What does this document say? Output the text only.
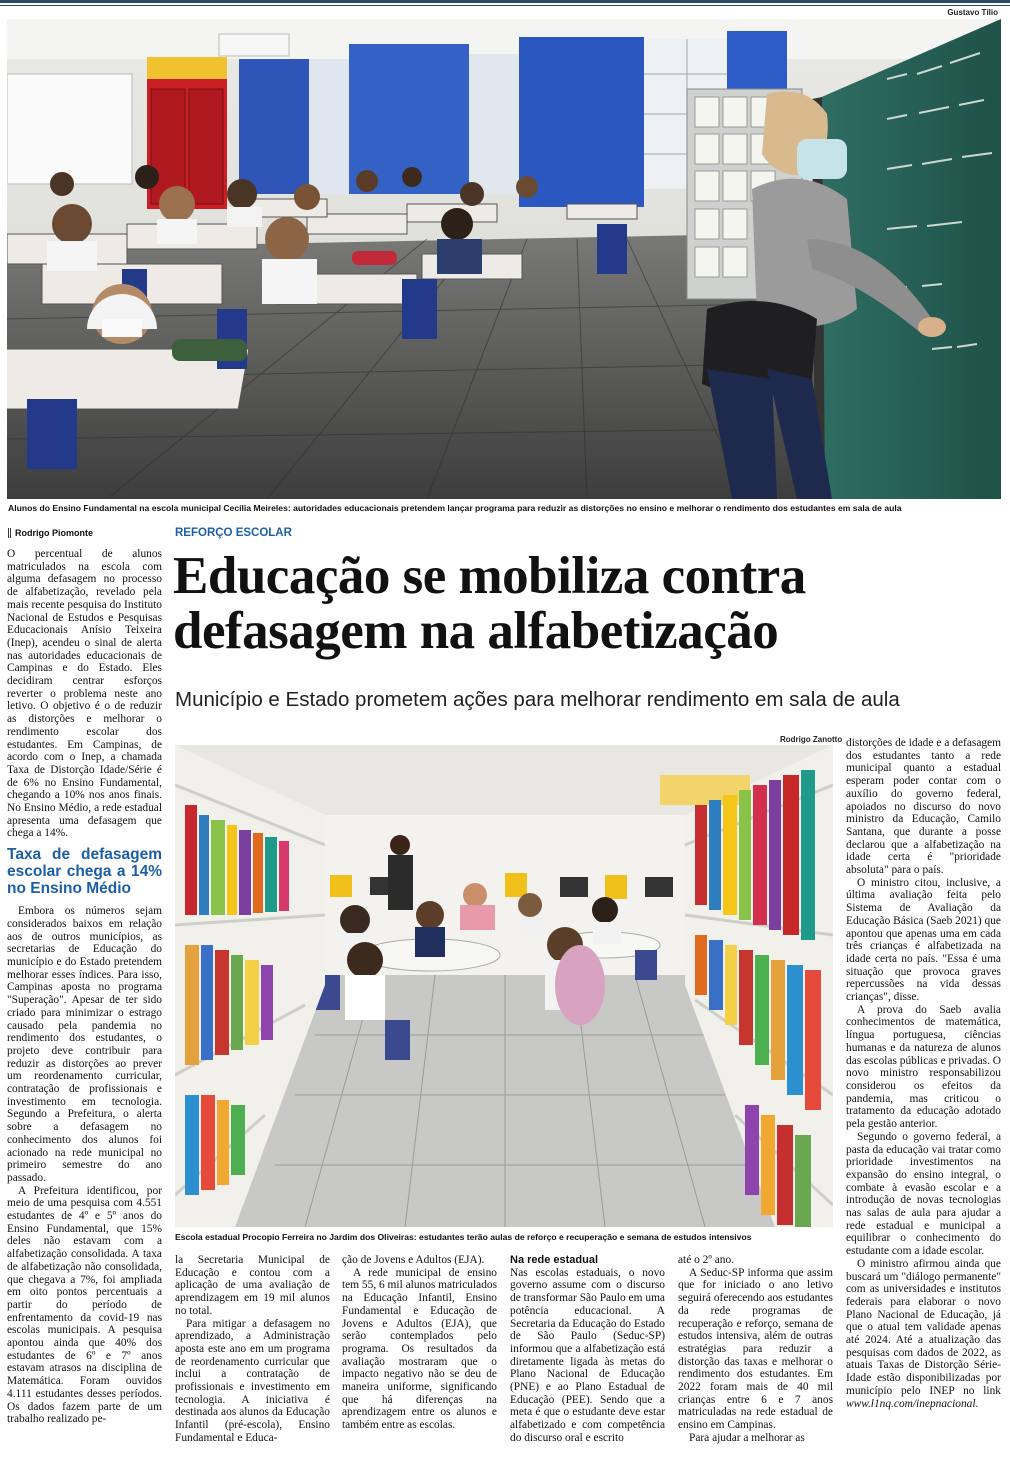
Gustavo Tílio
Alunos do Ensino Fundamental na escola municipal Cecília Meireles: autoridades educacionais pretendem lançar programa para reduzir as distorções no ensino e melhorar o rendimento dos estudantes em sala de aula
Rodrigo Piomonte	REFORÇO ESCOLAR
Educação se mobiliza contra
defasagem na alfabetização
Município e Estado prometem ações para melhorar rendimento em sala de aula

O percentual de alunos matriculados na escola com alguma defasagem no processo de alfabetização, revelado pela mais recente pesquisa do Instituto Nacional de Estudos e Pesquisas Educacionais Anísio Teixeira (Inep), acendeu o sinal de alerta nas autoridades educacionais de Campinas e do Estado. Eles decidiram centrar esforços reverter o problema neste ano letivo. O objetivo é o de reduzir as distorções e melhorar o rendimento escolar dos estudantes. Em Campinas, de acordo com o Inep, a chamada Taxa de Distorção Idade/Série é de 6% no Ensino Fundamental, chegando a 10% nos anos finais. No Ensino Médio, a rede estadual apresenta uma defasagem que chega a 14%.

Taxa de defasagem escolar chega a 14% no Ensino Médio

Embora os números sejam considerados baixos em relação aos de outros municípios, as secretarias de Educação do município e do Estado pretendem melhorar esses índices. Para isso, Campinas aposta no programa "Superação". Apesar de ter sido criado para minimizar o estrago causado pela pandemia no rendimento dos estudantes, o projeto deve contribuir para reduzir as distorções ao prever um reordenamento curricular, contratação de profissionais e investimento em tecnologia. Segundo a Prefeitura, o alerta sobre a defasagem no conhecimento dos alunos foi acionado na rede municipal no primeiro semestre do ano passado.

A Prefeitura identificou, por meio de uma pesquisa com 4.551 estudantes de 4º e 5º anos do Ensino Fundamental, que 15% deles não estavam com a alfabetização consolidada. A taxa de alfabetização não consolidada, que chegava a 7%, foi ampliada em oito pontos percentuais a partir do período de enfrentamento da covid-19 nas escolas municipais. A pesquisa apontou ainda que 40% dos estudantes de 6º e 7º anos estavam atrasos na disciplina de Matemática. Foram ouvidos 4.111 estudantes desses períodos. Os dados fazem parte de um trabalho realizado pe-

Rodrigo Zanotto
Escola estadual Procopio Ferreira no Jardim dos Oliveiras: estudantes terão aulas de reforço e recuperação e semana de estudos intensivos

la Secretaria Municipal de Educação e contou com a aplicação de uma avaliação de aprendizagem em 19 mil alunos no total.

Para mitigar a defasagem no aprendizado, a Administração aposta este ano em um programa de reordenamento curricular que inclui a contratação de profissionais e investimento em tecnologia. A iniciativa é destinada aos alunos da Educação Infantil (pré-escola), Ensino Fundamental e Educa-

ção de Jovens e Adultos (EJA).

A rede municipal de ensino tem 55, 6 mil alunos matriculados na Educação Infantil, Ensino Fundamental e Educação de Jovens e Adultos (EJA), que serão contemplados pelo programa. Os resultados da avaliação mostraram que o impacto negativo não se deu de maneira uniforme, significando que há diferenças na aprendizagem entre os alunos e também entre as escolas.

Na rede estadual

Nas escolas estaduais, o novo governo assume com o discurso de transformar São Paulo em uma potência educacional. A Secretaria da Educação do Estado de São Paulo (Seduc-SP) informou que a alfabetização está diretamente ligada às metas do Plano Nacional de Educação (PNE) e ao Plano Estadual de Educação (PEE). Sendo que a meta é que o estudante deve estar alfabetizado e com competência do discurso oral e escrito

até o 2º ano.

A Seduc-SP informa que assim que for iniciado o ano letivo seguirá oferecendo aos estudantes da rede programas de recuperação e reforço, semana de estudos intensiva, além de outras estratégias para reduzir a distorção das taxas e melhorar o rendimento dos estudantes. Em 2022 foram mais de 40 mil crianças entre 6 e 7 anos matriculadas na rede estadual de ensino em Campinas.

Para ajudar a melhorar as

distorções de idade e a defasagem dos estudantes tanto a rede municipal quanto a estadual esperam poder contar com o auxílio do governo federal, apoiados no discurso do novo ministro da Educação, Camilo Santana, que durante a posse declarou que a alfabetização na idade certa é "prioridade absoluta" para o país.

O ministro citou, inclusive, a última avaliação feita pelo Sistema de Avaliação da Educação Básica (Saeb 2021) que apontou que apenas uma em cada três crianças é alfabetizada na idade certa no país. "Essa é uma situação que provoca graves repercussões na vida dessas crianças", disse.

A prova do Saeb avalia conhecimentos de matemática, língua portuguesa, ciências humanas e da natureza de alunos das escolas públicas e privadas. O novo ministro responsabilizou considerou os efeitos da pandemia, mas criticou o tratamento da educação adotado pela gestão anterior.

Segundo o governo federal, a pasta da educação vai tratar como prioridade investimentos na expansão do ensino integral, o combate à evasão escolar e a introdução de novas tecnologias nas salas de aula para ajudar a rede estadual e municipal a equilibrar o conhecimento do estudante com a idade escolar.

O ministro afirmou ainda que buscará um "diálogo permanente" com as universidades e institutos federais para elaborar o novo Plano Nacional de Educação, já que o atual tem validade apenas até 2024. Até a atualização das pesquisas com dados de 2022, as atuais Taxas de Distorção Série-Idade estão disponibilizadas por município pelo INEP no link www.l1nq.com/inepnacional.
